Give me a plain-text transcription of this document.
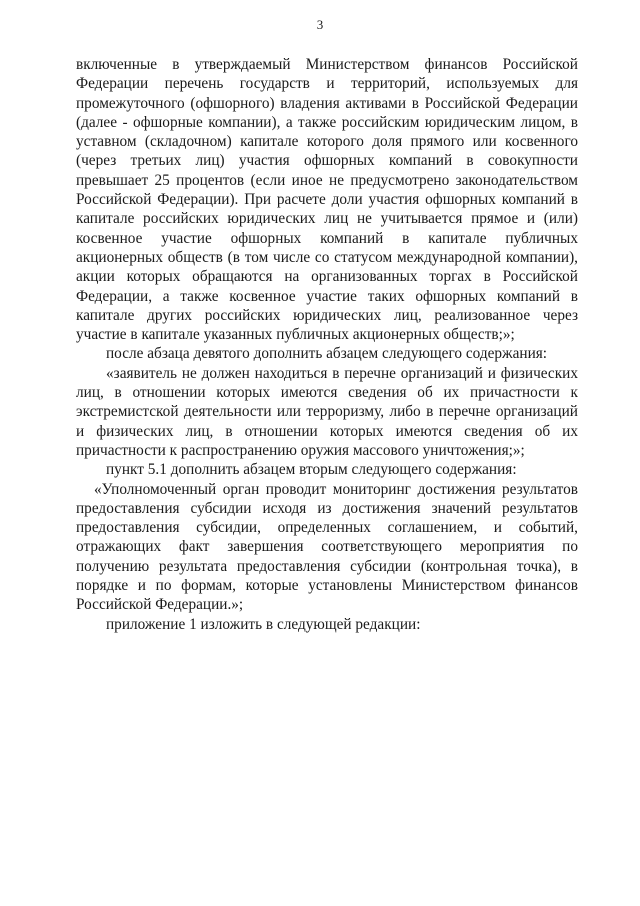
3

включенные в утверждаемый Министерством финансов Российской Федерации перечень государств и территорий, используемых для промежуточного (офшорного) владения активами в Российской Федерации (далее - офшорные компании), а также российским юридическим лицом, в уставном (складочном) капитале которого доля прямого или косвенного (через третьих лиц) участия офшорных компаний в совокупности превышает 25 процентов (если иное не предусмотрено законодательством Российской Федерации). При расчете доли участия офшорных компаний в капитале российских юридических лиц не учитывается прямое и (или) косвенное участие офшорных компаний в капитале публичных акционерных обществ (в том числе со статусом международной компании), акции которых обращаются на организованных торгах в Российской Федерации, а также косвенное участие таких офшорных компаний в капитале других российских юридических лиц, реализованное через участие в капитале указанных публичных акционерных обществ;»;

после абзаца девятого дополнить абзацем следующего содержания:

«заявитель не должен находиться в перечне организаций и физических лиц, в отношении которых имеются сведения об их причастности к экстремистской деятельности или терроризму, либо в перечне организаций и физических лиц, в отношении которых имеются сведения об их причастности к распространению оружия массового уничтожения;»;

пункт 5.1 дополнить абзацем вторым следующего содержания:

«Уполномоченный орган проводит мониторинг достижения результатов предоставления субсидии исходя из достижения значений результатов предоставления субсидии, определенных соглашением, и событий, отражающих факт завершения соответствующего мероприятия по получению результата предоставления субсидии (контрольная точка), в порядке и по формам, которые установлены Министерством финансов Российской Федерации.»;

приложение 1 изложить в следующей редакции:
